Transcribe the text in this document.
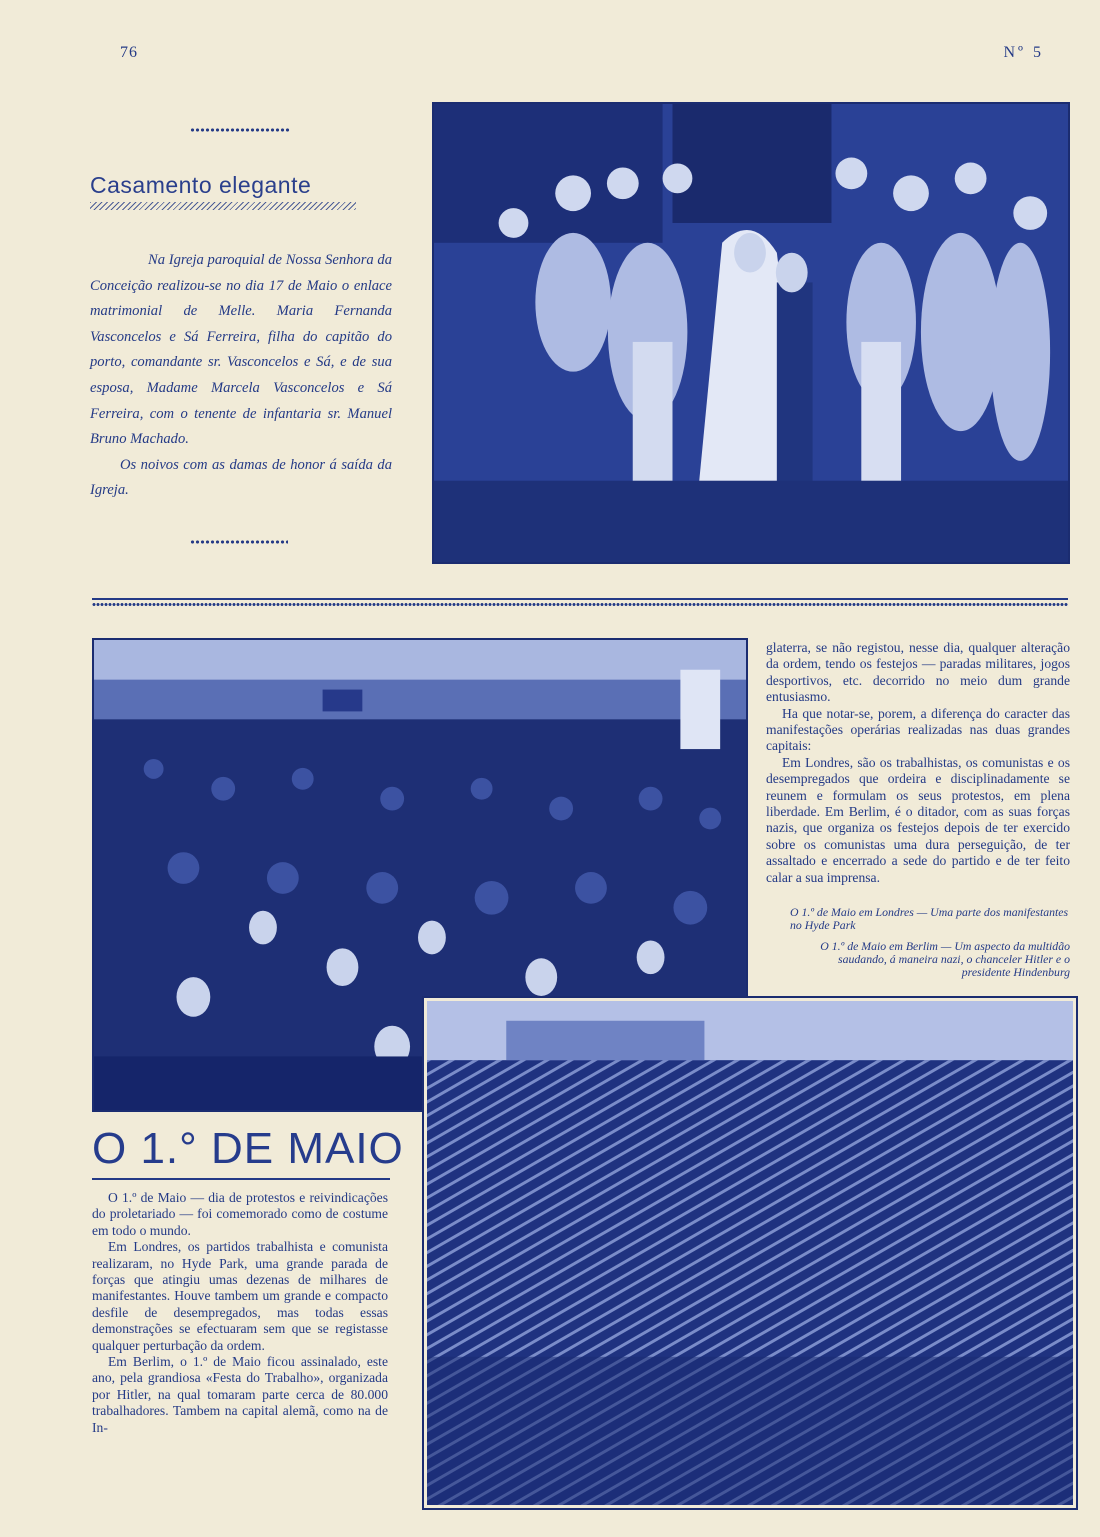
76	Nº 5
Casamento elegante

Na Igreja paroquial de Nossa Senhora da Conceição realizou-se no dia 17 de Maio o enlace matrimonial de Melle. Maria Fernanda Vasconcelos e Sá Ferreira, filha do capitão do porto, comandante sr. Vasconcelos e Sá, e de sua esposa, Madame Marcela Vasconcelos e Sá Ferreira, com o tenente de infantaria sr. Manuel Bruno Machado.

Os noivos com as damas de honor á saída da Igreja.

O 1.° DE MAIO

O 1.º de Maio — dia de protestos e reivindicações do proletariado — foi comemorado como de costume em todo o mundo.

Em Londres, os partidos trabalhista e comunista realizaram, no Hyde Park, uma grande parada de forças que atingiu umas dezenas de milhares de manifestantes. Houve tambem um grande e compacto desfile de desempregados, mas todas essas demonstrações se efectuaram sem que se registasse qualquer perturbação da ordem.

Em Berlim, o 1.º de Maio ficou assinalado, este ano, pela grandiosa «Festa do Trabalho», organizada por Hitler, na qual tomaram parte cerca de 80.000 trabalhadores. Tambem na capital alemã, como na de In-

glaterra, se não registou, nesse dia, qualquer alteração da ordem, tendo os festejos — paradas militares, jogos desportivos, etc. decorrido no meio dum grande entusiasmo.

Ha que notar-se, porem, a diferença do caracter das manifestações operárias realizadas nas duas grandes capitais:

Em Londres, são os trabalhistas, os comunistas e os desempregados que ordeira e disciplinadamente se reunem e formulam os seus protestos, em plena liberdade. Em Berlim, é o ditador, com as suas forças nazis, que organiza os festejos depois de ter exercido sobre os comunistas uma dura perseguição, de ter assaltado e encerrado a sede do partido e de ter feito calar a sua imprensa.

O 1.º de Maio em Londres — Uma parte dos manifestantes no Hyde Park
O 1.º de Maio em Berlim — Um aspecto da multidão saudando, á maneira nazi, o chanceler Hitler e o presidente Hindenburg
